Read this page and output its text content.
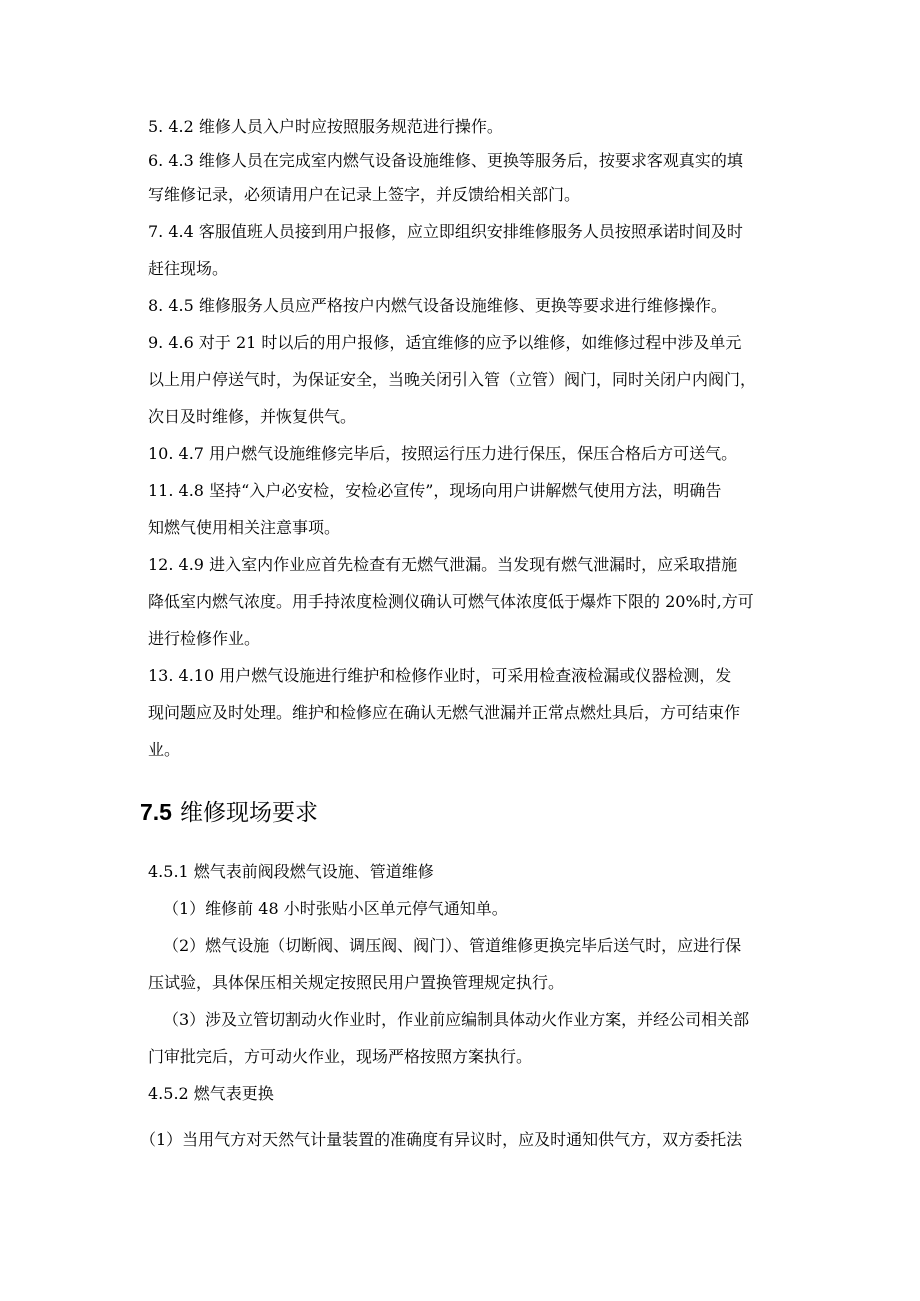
5. 4.2 维修人员入户时应按照服务规范进行操作。
6. 4.3 维修人员在完成室内燃气设备设施维修、更换等服务后，按要求客观真实的填
写维修记录，必须请用户在记录上签字，并反馈给相关部门。
7. 4.4 客服值班人员接到用户报修，应立即组织安排维修服务人员按照承诺时间及时
赶往现场。
8. 4.5 维修服务人员应严格按户内燃气设备设施维修、更换等要求进行维修操作。
9. 4.6 对于 21 时以后的用户报修，适宜维修的应予以维修，如维修过程中涉及单元
以上用户停送气时，为保证安全，当晚关闭引入管（立管）阀门，同时关闭户内阀门，
次日及时维修，并恢复供气。
10. 4.7 用户燃气设施维修完毕后，按照运行压力进行保压，保压合格后方可送气。
11. 4.8 坚持“入户必安检，安检必宣传”，现场向用户讲解燃气使用方法，明确告
知燃气使用相关注意事项。
12. 4.9 进入室内作业应首先检查有无燃气泄漏。当发现有燃气泄漏时，应采取措施
降低室内燃气浓度。用手持浓度检测仪确认可燃气体浓度低于爆炸下限的 20%时,方可
进行检修作业。
13. 4.10 用户燃气设施进行维护和检修作业时，可采用检查液检漏或仪器检测，发
现问题应及时处理。维护和检修应在确认无燃气泄漏并正常点燃灶具后，方可结束作
业。
7.5 维修现场要求
4.5.1 燃气表前阀段燃气设施、管道维修
（1）维修前 48 小时张贴小区单元停气通知单。
（2）燃气设施（切断阀、调压阀、阀门）、管道维修更换完毕后送气时，应进行保
压试验，具体保压相关规定按照民用户置换管理规定执行。
（3）涉及立管切割动火作业时，作业前应编制具体动火作业方案，并经公司相关部
门审批完后，方可动火作业，现场严格按照方案执行。
4.5.2 燃气表更换
（1）当用气方对天然气计量装置的准确度有异议时，应及时通知供气方，双方委托法
